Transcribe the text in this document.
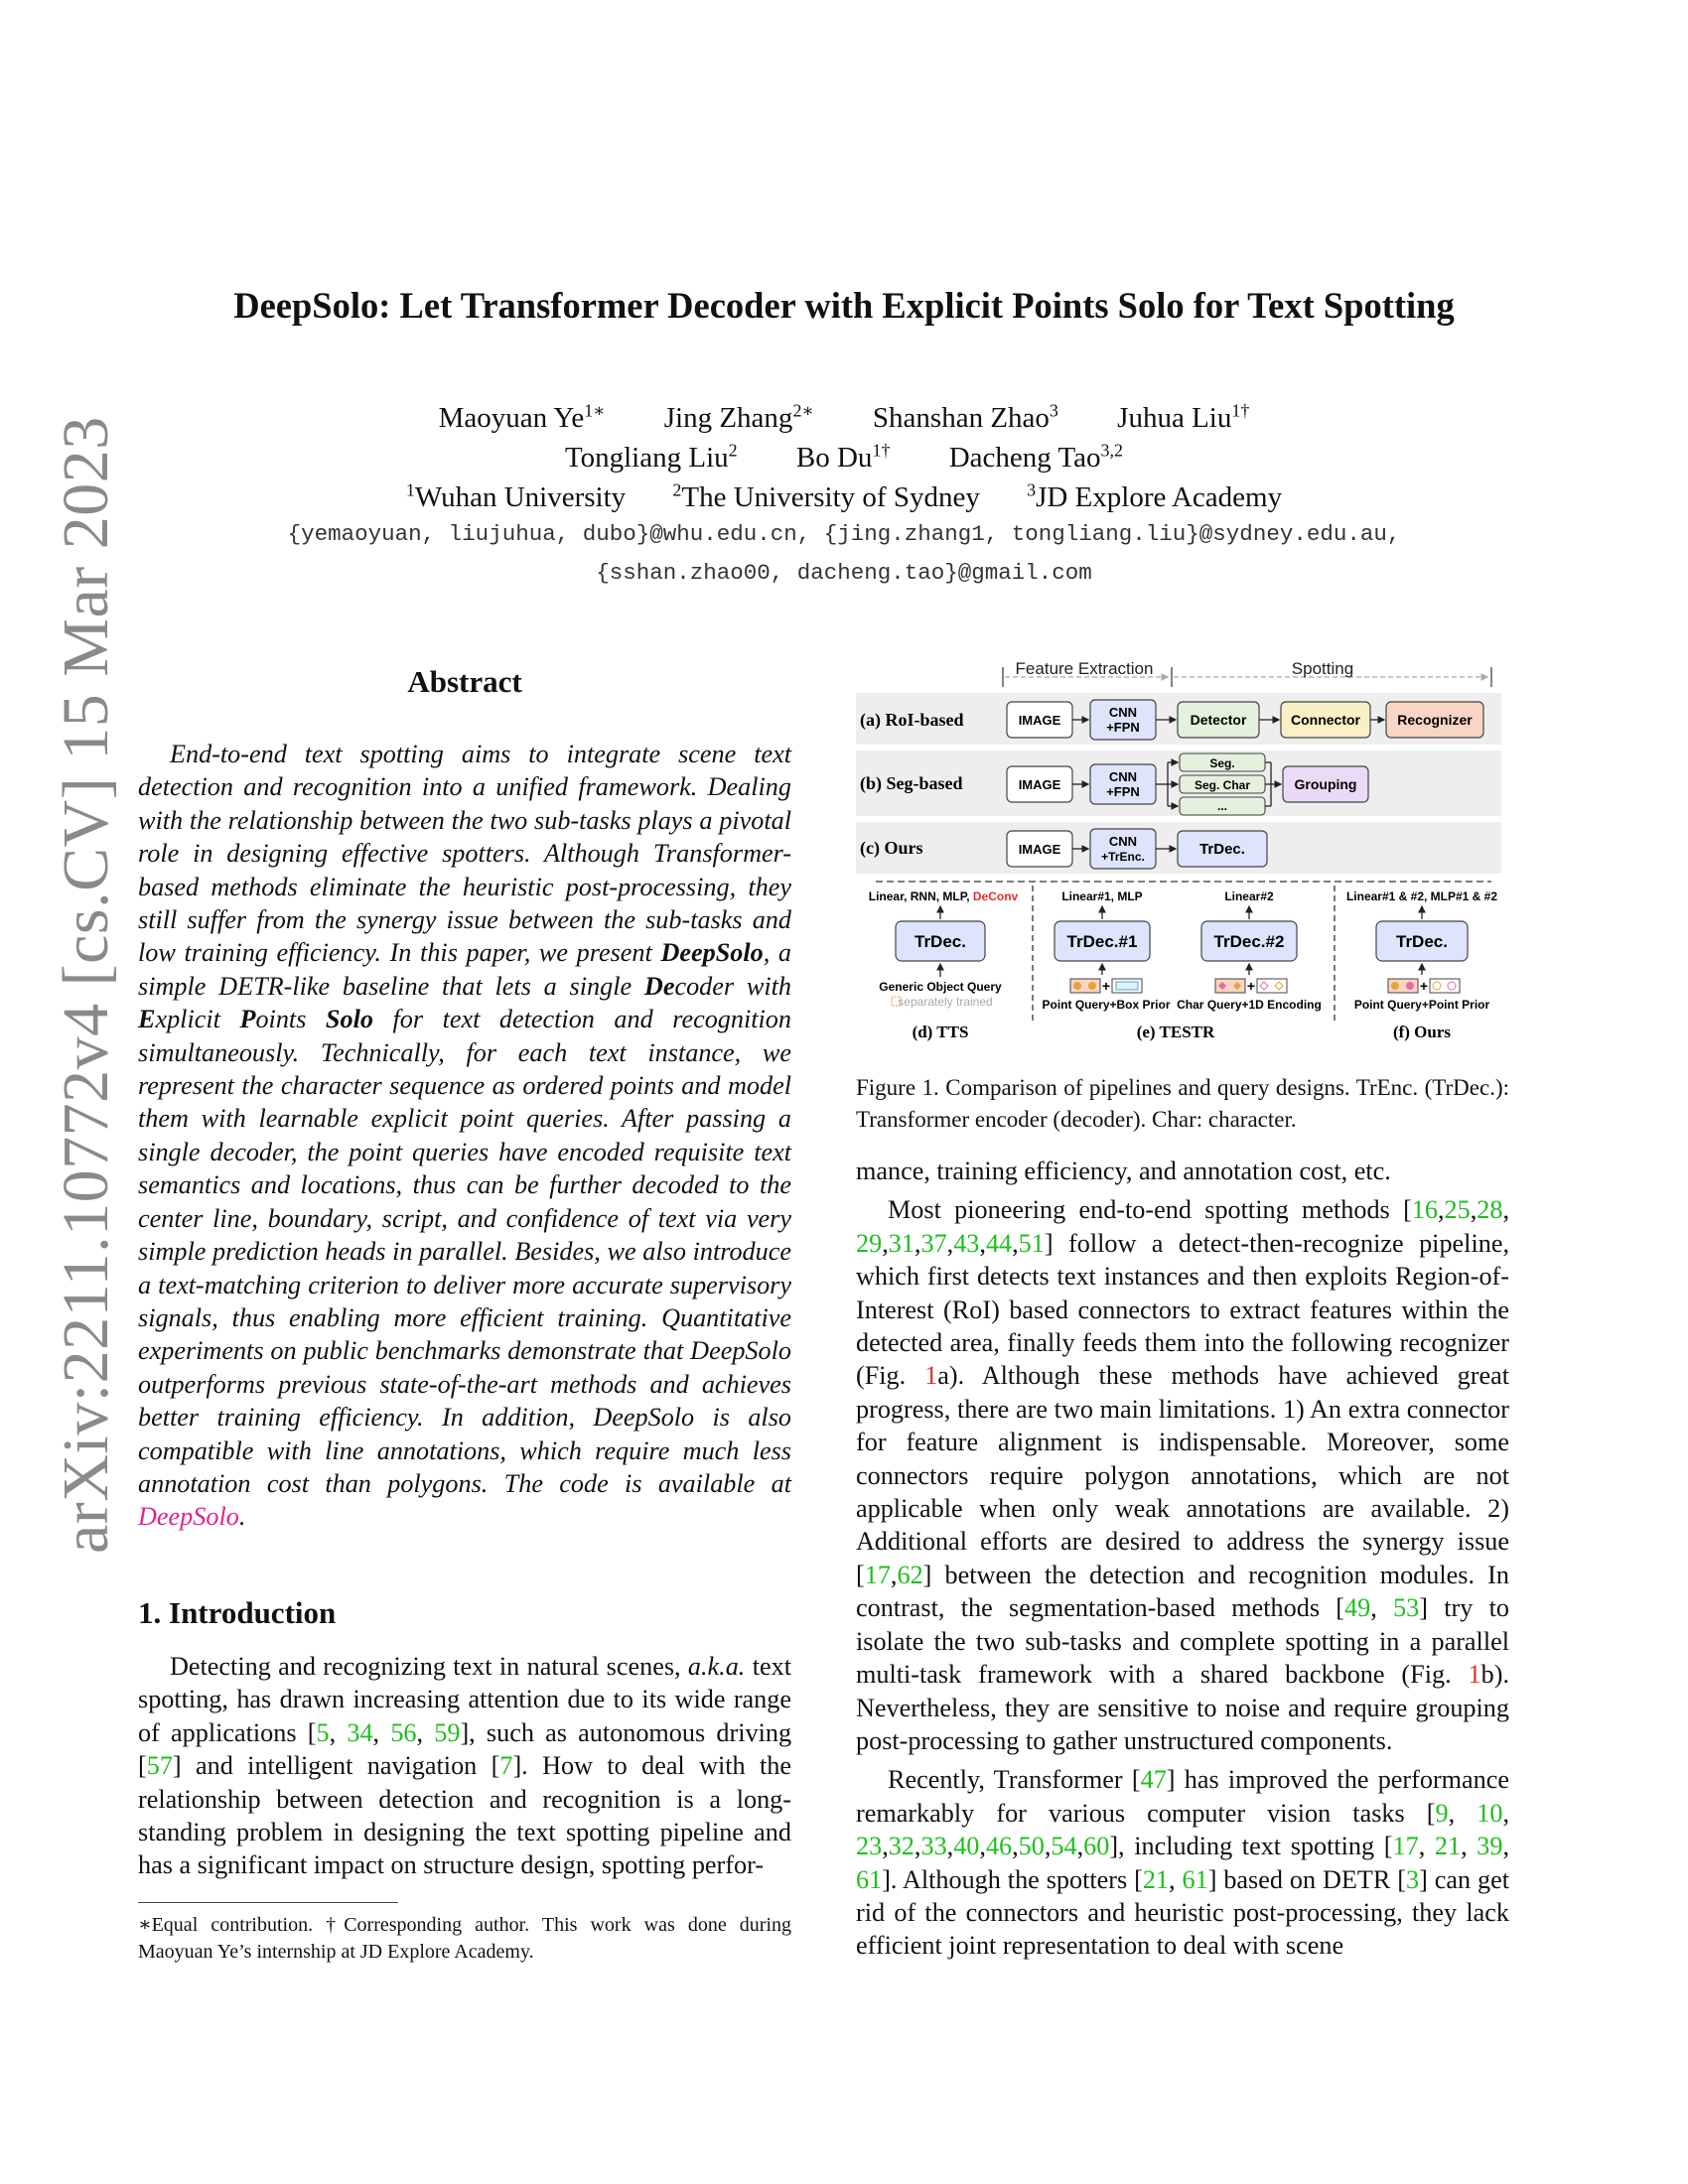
arXiv:2211.10772v4 [cs.CV] 15 Mar 2023
DeepSolo: Let Transformer Decoder with Explicit Points Solo for Text Spotting
Maoyuan $Ye^{1∗}$ Jing Zhang$^{2∗}$ Shanshan Zhao$^3$ Juhua Liu$^{1\dagger}$
Tongliang Liu$^2$ Bo $Du^{1\dagger}$ Dacheng Tao$^{3,2}$
$^1$Wuhan University	$^2$The University of Sydney	$^3$JD Explore Academy
{yemaoyuan, liujuhua, dubo}@whu.edu.cn, {jing.zhang1, tongliang.liu}@sydney.edu.au,
{sshan.zhao00, dacheng.tao}@gmail.com
Abstract

End-to-end text spotting aims to integrate scene text detection and recognition into a unified framework. Dealing with the relationship between the two sub-tasks plays a pivotal role in designing effective spotters. Although Transformer-based methods eliminate the heuristic post-processing, they still suffer from the synergy issue between the sub-tasks and low training efficiency. In this paper, we present DeepSolo, a simple DETR-like baseline that lets a single Decoder with Explicit Points Solo for text detection and recognition simultaneously. Technically, for each text instance, we represent the character sequence as ordered points and model them with learnable explicit point queries. After passing a single decoder, the point queries have encoded requisite text semantics and locations, thus can be further decoded to the center line, boundary, script, and confidence of text via very simple prediction heads in parallel. Besides, we also introduce a text-matching criterion to deliver more accurate supervisory signals, thus enabling more efficient training. Quantitative experiments on public benchmarks demonstrate that DeepSolo outperforms previous state-of-the-art methods and achieves better training efficiency. In addition, DeepSolo is also compatible with line annotations, which require much less annotation cost than polygons. The code is available at DeepSolo.

1. Introduction

Detecting and recognizing text in natural scenes, a.k.a. text spotting, has drawn increasing attention due to its wide range of applications [5, 34, 56, 59], such as autonomous driving [57] and intelligent navigation [7]. How to deal with the relationship between detection and recognition is a long-standing problem in designing the text spotting pipeline and has a significant impact on structure design, spotting perfor-

∗Equal contribution. †Corresponding author. This work was done during Maoyuan Ye’s internship at JD Explore Academy.
Feature Extraction	Spotting
(a) RoI-based	IMAGE
CNN
+FPN	Detector	Connector	Recognizer
(b) Seg-based	IMAGE
CNN
+FPN
Seg.
Seg. Char
...
Grouping
(c) Ours	IMAGE
CNN
+TrEnc.	TrDec.
Linear, RNN, MLP, DeConv
TrDec.
Generic Object Query
separately trained
(d) TTS
Linear#1, MLP	Linear#2
TrDec.#1	TrDec.#2
+	+
Point Query+Box Prior Char Query+1D Encoding
(e) TESTR
Linear#1 & #2, MLP#1 & #2
TrDec.
+
Point Query+Point Prior
(f) Ours
Figure 1. Comparison of pipelines and query designs. TrEnc. (TrDec.): Transformer encoder (decoder). Char: character.

mance, training efficiency, and annotation cost, etc.

Most pioneering end-to-end spotting methods [16,25,28, 29,31,37,43,44,51] follow a detect-then-recognize pipeline, which first detects text instances and then exploits Region-of-Interest (RoI) based connectors to extract features within the detected area, finally feeds them into the following recognizer (Fig. 1a). Although these methods have achieved great progress, there are two main limitations. 1) An extra connector for feature alignment is indispensable. Moreover, some connectors require polygon annotations, which are not applicable when only weak annotations are available. 2) Additional efforts are desired to address the synergy issue [17,62] between the detection and recognition modules. In contrast, the segmentation-based methods [49, 53] try to isolate the two sub-tasks and complete spotting in a parallel multi-task framework with a shared backbone (Fig. 1b). Nevertheless, they are sensitive to noise and require grouping post-processing to gather unstructured components.

Recently, Transformer [47] has improved the performance remarkably for various computer vision tasks [9, 10, 23,32,33,40,46,50,54,60], including text spotting [17, 21, 39, 61]. Although the spotters [21, 61] based on DETR [3] can get rid of the connectors and heuristic post-processing, they lack efficient joint representation to deal with scene
